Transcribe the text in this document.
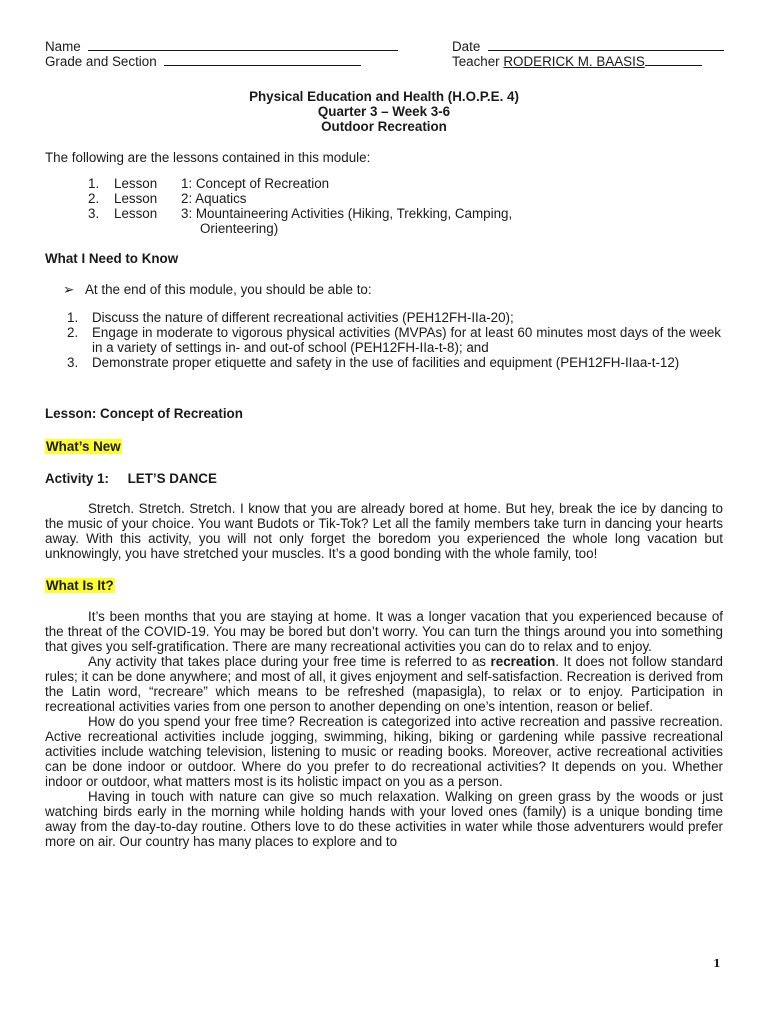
Name	Date
Grade and Section	Teacher RODERICK M. BAASIS
Physical Education and Health (H.O.P.E. 4)
Quarter 3 – Week 3-6
Outdoor Recreation

The following are the lessons contained in this module:

1.	Lesson	1: Concept of Recreation
2.	Lesson	2: Aquatics
3.	Lesson	3: Mountaineering Activities (Hiking, Trekking, Camping,
Orienteering)
What I Need to Know
➢ At the end of this module, you should be able to:
1.	Discuss the nature of different recreational activities (PEH12FH-IIa-20);
2.	Engage in moderate to vigorous physical activities (MVPAs) for at least 60 minutes most days of the week in a variety of settings in- and out-of school (PEH12FH-IIa-t-8); and
3.	Demonstrate proper etiquette and safety in the use of facilities and equipment (PEH12FH-IIaa-t-12)
Lesson: Concept of Recreation
What’s New
Activity 1:     LET’S DANCE

Stretch. Stretch. Stretch. I know that you are already bored at home. But hey, break the ice by dancing to the music of your choice. You want Budots or Tik-Tok? Let all the family members take turn in dancing your hearts away. With this activity, you will not only forget the boredom you experienced the whole long vacation but unknowingly, you have stretched your muscles. It’s a good bonding with the whole family, too!

What Is It?

It’s been months that you are staying at home. It was a longer vacation that you experienced because of the threat of the COVID-19. You may be bored but don’t worry. You can turn the things around you into something that gives you self-gratification. There are many recreational activities you can do to relax and to enjoy.

Any activity that takes place during your free time is referred to as recreation. It does not follow standard rules; it can be done anywhere; and most of all, it gives enjoyment and self-satisfaction. Recreation is derived from the Latin word, “recreare” which means to be refreshed (mapasigla), to relax or to enjoy. Participation in recreational activities varies from one person to another depending on one’s intention, reason or belief.

How do you spend your free time? Recreation is categorized into active recreation and passive recreation. Active recreational activities include jogging, swimming, hiking, biking or gardening while passive recreational activities include watching television, listening to music or reading books. Moreover, active recreational activities can be done indoor or outdoor. Where do you prefer to do recreational activities? It depends on you. Whether indoor or outdoor, what matters most is its holistic impact on you as a person.

Having in touch with nature can give so much relaxation. Walking on green grass by the woods or just watching birds early in the morning while holding hands with your loved ones (family) is a unique bonding time away from the day-to-day routine. Others love to do these activities in water while those adventurers would prefer more on air. Our country has many places to explore and to

1
